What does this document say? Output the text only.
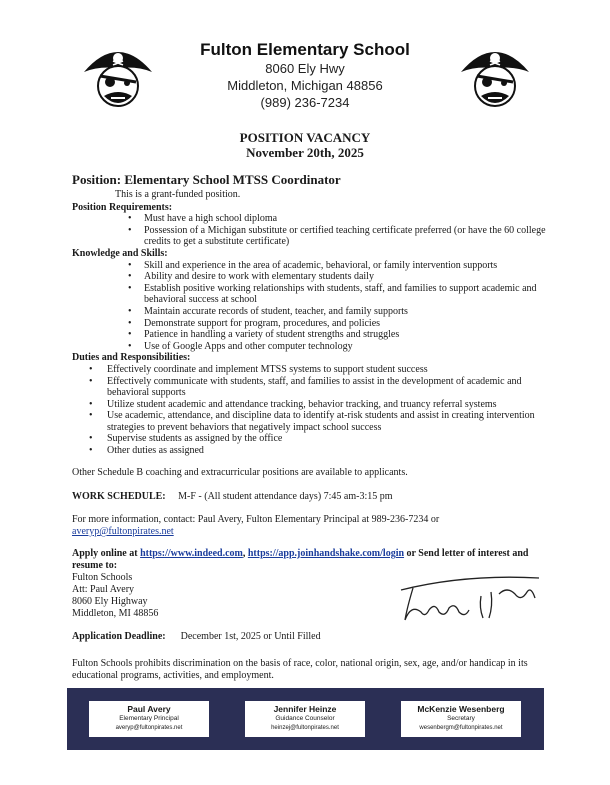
Fulton Elementary School
8060 Ely Hwy
Middleton, Michigan 48856
(989) 236-7234
POSITION VACANCY
November 20th, 2025
Position: Elementary School MTSS Coordinator
This is a grant-funded position.
Position Requirements:
• Must have a high school diploma
• Possession of a Michigan substitute or certified teaching certificate preferred (or have the 60 college credits to get a substitute certificate)
Knowledge and Skills:
• Skill and experience in the area of academic, behavioral, or family intervention supports
• Ability and desire to work with elementary students daily
• Establish positive working relationships with students, staff, and families to support academic and behavioral success at school
• Maintain accurate records of student, teacher, and family supports
• Demonstrate support for program, procedures, and policies
• Patience in handling a variety of student strengths and struggles
• Use of Google Apps and other computer technology
Duties and Responsibilities:
• Effectively coordinate and implement MTSS systems to support student success
• Effectively communicate with students, staff, and families to assist in the development of academic and behavioral supports
• Utilize student academic and attendance tracking, behavior tracking, and truancy referral systems
• Use academic, attendance, and discipline data to identify at-risk students and assist in creating intervention strategies to prevent behaviors that negatively impact school success
• Supervise students as assigned by the office
• Other duties as assigned
Other Schedule B coaching and extracurricular positions are available to applicants.
WORK SCHEDULE: M-F - (All student attendance days) 7:45 am-3:15 pm
For more information, contact: Paul Avery, Fulton Elementary Principal at 989-236-7234 or
averyp@fultonpirates.net
Apply online at https://www.indeed.com, https://app.joinhandshake.com/login or Send letter of interest and resume to:
Fulton Schools
Att: Paul Avery
8060 Ely Highway
Middleton, MI 48856
Application Deadline: December 1st, 2025 or Until Filled
Fulton Schools prohibits discrimination on the basis of race, color, national origin, sex, age, and/or handicap in its educational programs, activities, and employment.
Paul Avery
Elementary Principal
averyp@fultonpirates.net
Jennifer Heinze
Guidance Counselor
heinzej@fultonpirates.net
McKenzie Wesenberg
Secretary
wesenbergm@fultonpirates.net
